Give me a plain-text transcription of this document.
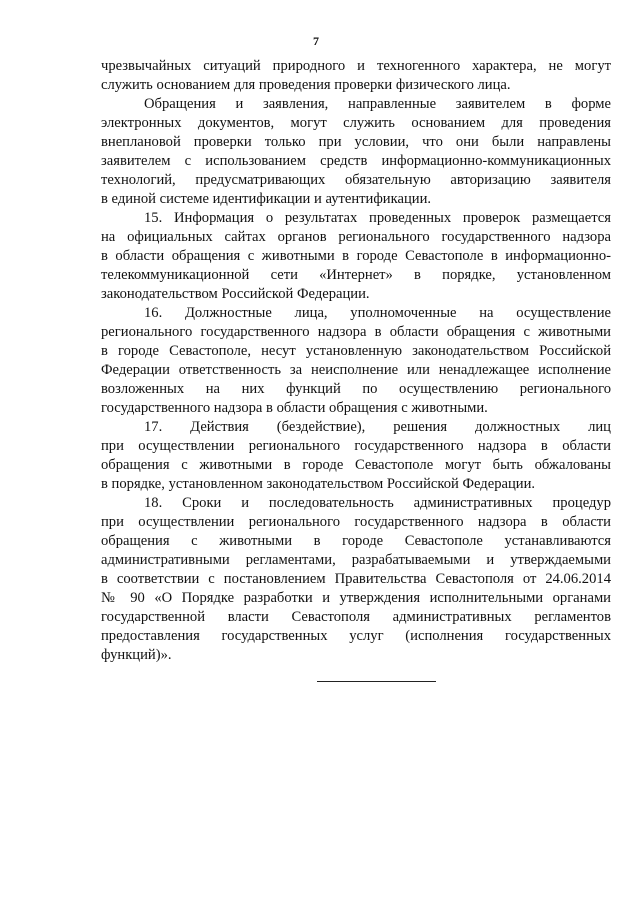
7
чрезвычайных ситуаций природного и техногенного характера, не могут
служить основанием для проведения проверки физического лица.
Обращения и заявления, направленные заявителем в форме
электронных документов, могут служить основанием для проведения
внеплановой проверки только при условии, что они были направлены
заявителем с использованием средств информационно-коммуникационных
технологий, предусматривающих обязательную авторизацию заявителя
в единой системе идентификации и аутентификации.
15. Информация о результатах проведенных проверок размещается
на официальных сайтах органов регионального государственного надзора
в области обращения с животными в городе Севастополе в информационно-
телекоммуникационной сети «Интернет» в порядке, установленном
законодательством Российской Федерации.
16. Должностные лица, уполномоченные на осуществление
регионального государственного надзора в области обращения с животными
в городе Севастополе, несут установленную законодательством Российской
Федерации ответственность за неисполнение или ненадлежащее исполнение
возложенных на них функций по осуществлению регионального
государственного надзора в области обращения с животными.
17. Действия (бездействие), решения должностных лиц
при осуществлении регионального государственного надзора в области
обращения с животными в городе Севастополе могут быть обжалованы
в порядке, установленном законодательством Российской Федерации.
18. Сроки и последовательность административных процедур
при осуществлении регионального государственного надзора в области
обращения с животными в городе Севастополе устанавливаются
административными регламентами, разрабатываемыми и утверждаемыми
в соответствии с постановлением Правительства Севастополя от 24.06.2014
№ 90 «О Порядке разработки и утверждения исполнительными органами
государственной власти Севастополя административных регламентов
предоставления государственных услуг (исполнения государственных
функций)».
